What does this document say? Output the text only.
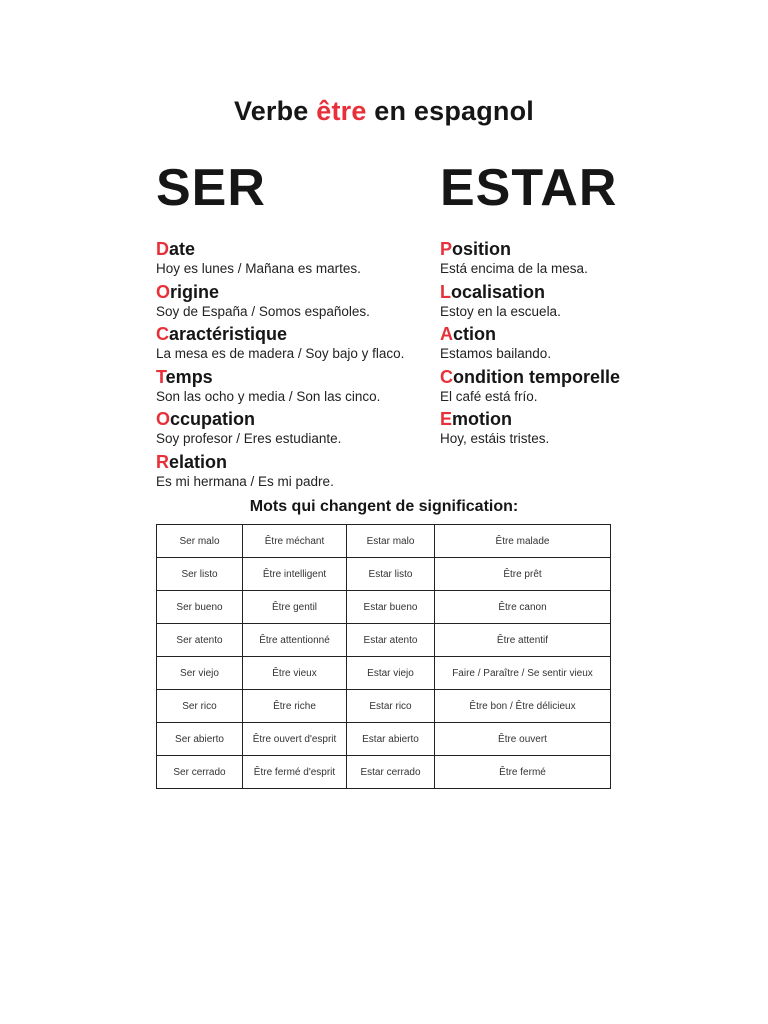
Verbe être en espagnol
SER	ESTAR
Date
Hoy es lunes / Mañana es martes.
Origine
Soy de España / Somos españoles.
Caractéristique
La mesa es de madera / Soy bajo y flaco.
Temps
Son las ocho y media / Son las cinco.
Occupation
Soy profesor / Eres estudiante.
Relation
Es mi hermana / Es mi padre.
Position
Está encima de la mesa.
Localisation
Estoy en la escuela.
Action
Estamos bailando.
Condition temporelle
El café está frío.
Emotion
Hoy, estáis tristes.
Mots qui changent de signification:
Ser malo	Être méchant	Estar malo	Être malade
Ser listo	Être intelligent	Estar listo	Être prêt
Ser bueno	Être gentil	Estar bueno	Être canon
Ser atento	Être attentionné	Estar atento	Être attentif
Ser viejo	Être vieux	Estar viejo	Faire / Paraître / Se sentir vieux
Ser rico	Être riche	Estar rico	Être bon / Être délicieux
Ser abierto	Être ouvert d'esprit	Estar abierto	Être ouvert
Ser cerrado	Être fermé d'esprit	Estar cerrado	Être fermé
